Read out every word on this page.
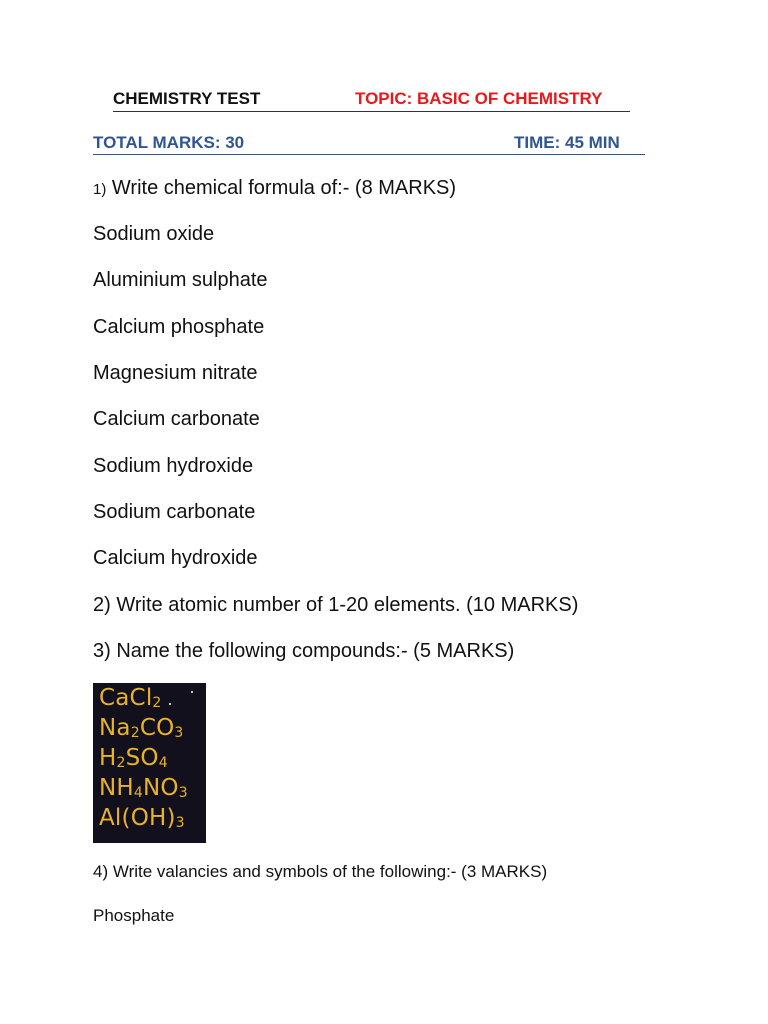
CHEMISTRY TEST	TOPIC: BASIC OF CHEMISTRY
TOTAL MARKS: 30	TIME: 45 MIN
1) Write chemical formula of:- (8 MARKS)
Sodium oxide
Aluminium sulphate
Calcium phosphate
Magnesium nitrate
Calcium carbonate
Sodium hydroxide
Sodium carbonate
Calcium hydroxide
2) Write atomic number of 1-20 elements. (10 MARKS)
3) Name the following compounds:- (5 MARKS)
CaCl$_2$
$Na_2CO_3$
$H_2SO_4$
$NH_4NO_3$
$Al(OH)_3$
4) Write valancies and symbols of the following:- (3 MARKS)
Phosphate
